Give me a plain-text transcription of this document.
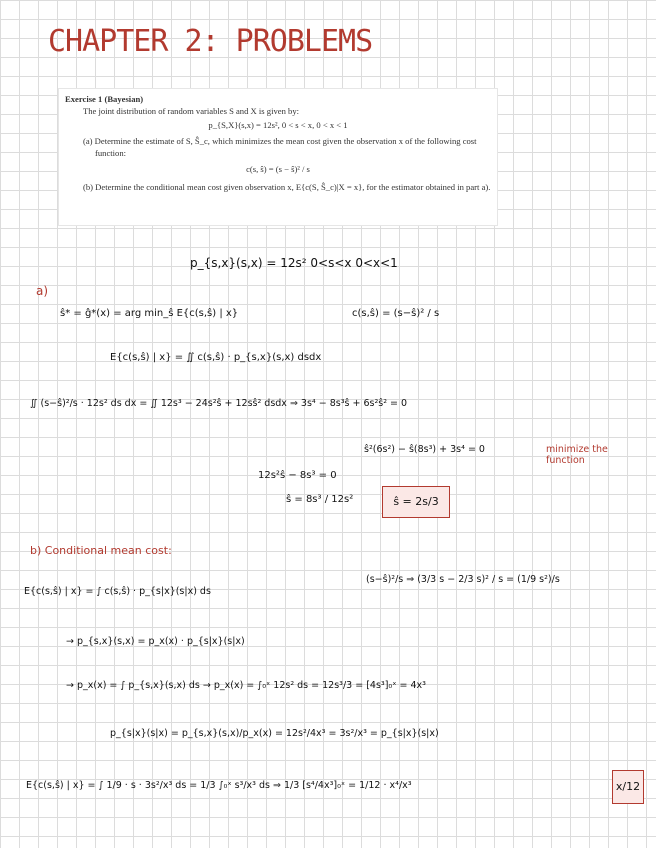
CHAPTER 2: PROBLEMS
Exercise 1 (Bayesian)
The joint distribution of random variables S and X is given by:
p_{S,X}(s,x) = 12s², 0 < s < x, 0 < x < 1
(a) Determine the estimate of S, Ŝ_c, which minimizes the mean cost given the observation x of the following cost function:
c(s, ŝ) = (s − ŝ)² / s
(b) Determine the conditional mean cost given observation x, E{c(S, Ŝ_c)|X = x}, for the estimator obtained in part a).
p_{s,x}(s,x) = 12s² 0<s<x 0<x<1
a)
ŝ* = ĝ*(x) = arg min_ŝ E{c(s,ŝ) | x}	c(s,ŝ) = (s−ŝ)² / s
E{c(s,ŝ) | x} = ∬ c(s,ŝ) · p_{s,x}(s,x) dsdx
∬ (s−ŝ)²/s · 12s² ds dx = ∬ 12s³ − 24s²ŝ + 12sŝ² dsdx ⇒ 3s⁴ − 8s³ŝ + 6s²ŝ² = 0
ŝ²(6s²) − ŝ(8s³) + 3s⁴ = 0	minimize the function
12s²ŝ − 8s³ = 0
ŝ = 8s³ / 12s²	ŝ = 2s/3
b) Conditional mean cost:
E{c(s,ŝ) | x} = ∫ c(s,ŝ) · p_{s|x}(s|x) ds
(s−ŝ)²/s ⇒ (3/3 s − 2/3 s)² / s = (1/9 s²)/s
→ p_{s,x}(s,x) = p_x(x) · p_{s|x}(s|x)
→ p_x(x) = ∫ p_{s,x}(s,x) ds → p_x(x) = ∫₀ˣ 12s² ds = 12s³/3 = [4s³]₀ˣ = 4x³
p_{s|x}(s|x) = p_{s,x}(s,x)/p_x(x) = 12s²/4x³ = 3s²/x³ = p_{s|x}(s|x)
E{c(s,ŝ) | x} = ∫ 1/9 · s · 3s²/x³ ds = 1/3 ∫₀ˣ s³/x³ ds ⇒ 1/3 [s⁴/4x³]₀ˣ = 1/12 · x⁴/x³	x/12
